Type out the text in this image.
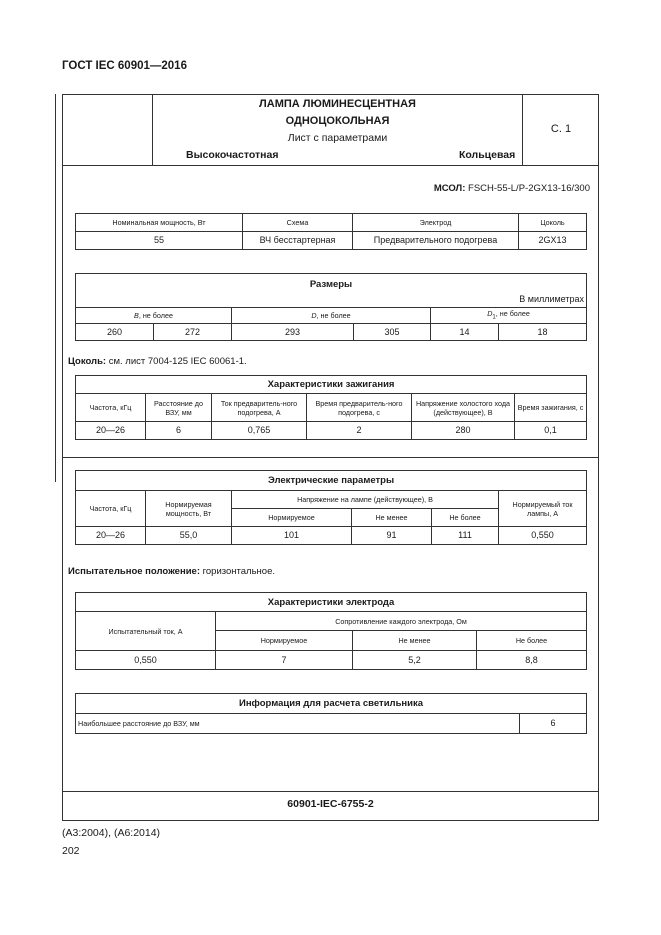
ГОСТ IEC 60901—2016
ЛАМПА ЛЮМИНЕСЦЕНТНАЯ
ОДНОЦОКОЛЬНАЯ
Лист с параметрами
Высокочастотная	Кольцевая
С. 1
МСОЛ: FSCH-55-L/P-2GX13-16/300
Номинальная мощность, Вт	Схема	Электрод	Цоколь
55	ВЧ бесстартерная	Предварительного подогрева	2GX13
Размеры
В миллиметрах					

B, не более		D, не более		$D_1$, не более	
260	272	293	305	14	18
Цоколь: см. лист 7004-125 IEC 60061-1.
Характеристики зажигания					
Частота, кГц	Расстояние до ВЗУ, мм	Ток предваритель-ного подогрева, А	Время предваритель-ного подогрева, с	Напряжение холостого хода (действующее), В	Время зажигания, с
20—26	6	0,765	2	280	0,1
Электрические параметры					
Частота, кГц	Нормируемая мощность, Вт	Напряжение на лампе (действующее), В			Нормируемый ток лампы, А
		Нормируемое	Не менее	Не более	
20—26	55,0	101	91	111	0,550
Испытательное положение: горизонтальное.
Характеристики электрода			
Испытательный ток, А	Сопротивление каждого электрода, Ом		
	Нормируемое	Не менее	Не более
0,550	7	5,2	8,8
Информация для расчета светильника
Наибольшее расстояние до ВЗУ, мм	6
60901-IEC-6755-2
(A3:2004), (A6:2014)
202
